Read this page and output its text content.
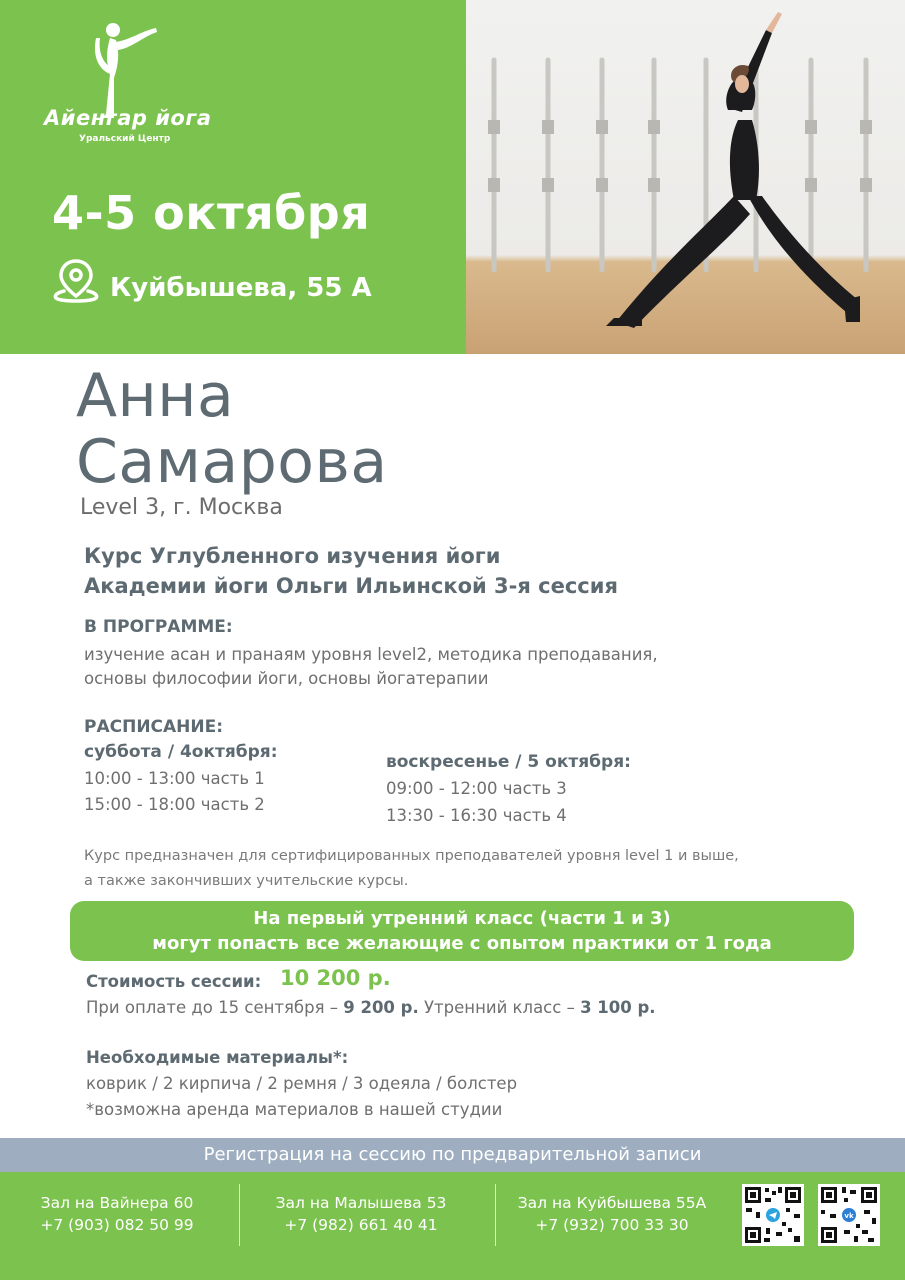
Айенгар йога
Уральский Центр
4-5 октября
Куйбышева, 55 А
Анна
Самарова
Level 3, г. Москва
Курс Углубленного изучения йоги
Академии йоги Ольги Ильинской 3-я сессия
В ПРОГРАММЕ:
изучение асан и пранаям уровня level2, методика преподавания,
основы философии йоги, основы йогатерапии
РАСПИСАНИЕ:
суббота / 4октября:
10:00 - 13:00 часть 1
15:00 - 18:00 часть 2
воскресенье / 5 октября:
09:00 - 12:00 часть 3
13:30 - 16:30 часть 4
Курс предназначен для сертифицированных преподавателей уровня level 1 и выше,
а также закончивших учительские курсы.
На первый утренний класс (части 1 и 3)
могут попасть все желающие с опытом практики от 1 года
Стоимость сессии: 10 200 р.
При оплате до 15 сентября – 9 200 р. Утренний класс – 3 100 р.
Необходимые материалы*:
коврик / 2 кирпича / 2 ремня / 3 одеяла / болстер
*возможна аренда материалов в нашей студии
Регистрация на сессию по предварительной записи
Зал на Вайнера 60
+7 (903) 082 50 99
Зал на Малышева 53
+7 (982) 661 40 41
Зал на Куйбышева 55А
+7 (932) 700 33 30	vk
